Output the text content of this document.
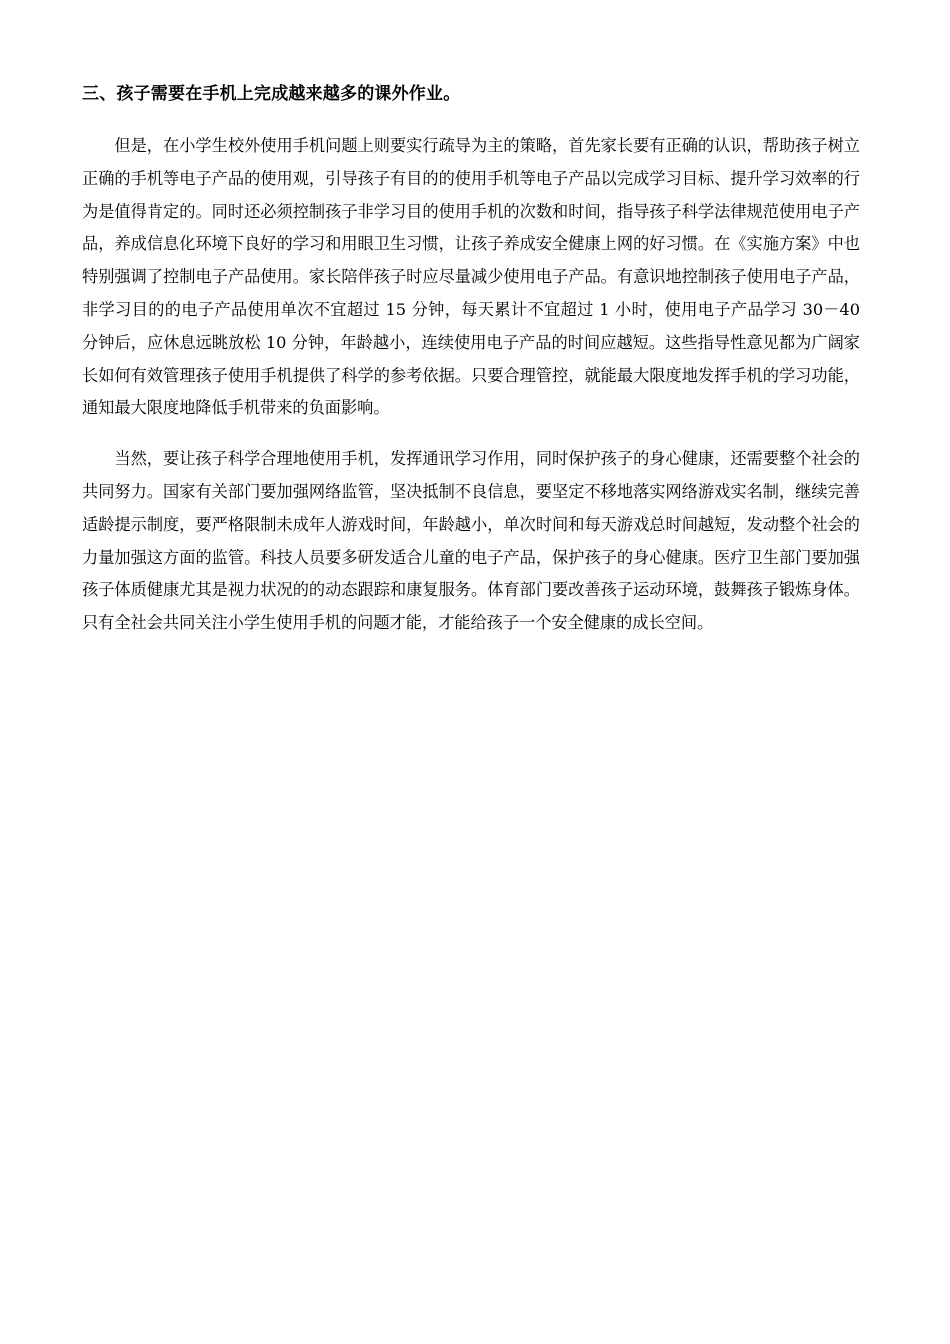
三、孩子需要在手机上完成越来越多的课外作业。

但是，在小学生校外使用手机问题上则要实行疏导为主的策略，首先家长要有正确的认识，帮助孩子树立正确的手机等电子产品的使用观，引导孩子有目的的使用手机等电子产品以完成学习目标、提升学习效率的行为是值得肯定的。同时还必须控制孩子非学习目的使用手机的次数和时间，指导孩子科学法律规范使用电子产品，养成信息化环境下良好的学习和用眼卫生习惯，让孩子养成安全健康上网的好习惯。在《实施方案》中也特别强调了控制电子产品使用。家长陪伴孩子时应尽量减少使用电子产品。有意识地控制孩子使用电子产品，非学习目的的电子产品使用单次不宜超过 15 分钟，每天累计不宜超过 1 小时，使用电子产品学习 30－40 分钟后，应休息远眺放松 10 分钟，年龄越小，连续使用电子产品的时间应越短。这些指导性意见都为广阔家长如何有效管理孩子使用手机提供了科学的参考依据。只要合理管控，就能最大限度地发挥手机的学习功能，通知最大限度地降低手机带来的负面影响。

当然，要让孩子科学合理地使用手机，发挥通讯学习作用，同时保护孩子的身心健康，还需要整个社会的共同努力。国家有关部门要加强网络监管，坚决抵制不良信息，要坚定不移地落实网络游戏实名制，继续完善适龄提示制度，要严格限制未成年人游戏时间，年龄越小，单次时间和每天游戏总时间越短，发动整个社会的力量加强这方面的监管。科技人员要多研发适合儿童的电子产品，保护孩子的身心健康。医疗卫生部门要加强孩子体质健康尤其是视力状况的的动态跟踪和康复服务。体育部门要改善孩子运动环境，鼓舞孩子锻炼身体。只有全社会共同关注小学生使用手机的问题才能，才能给孩子一个安全健康的成长空间。
